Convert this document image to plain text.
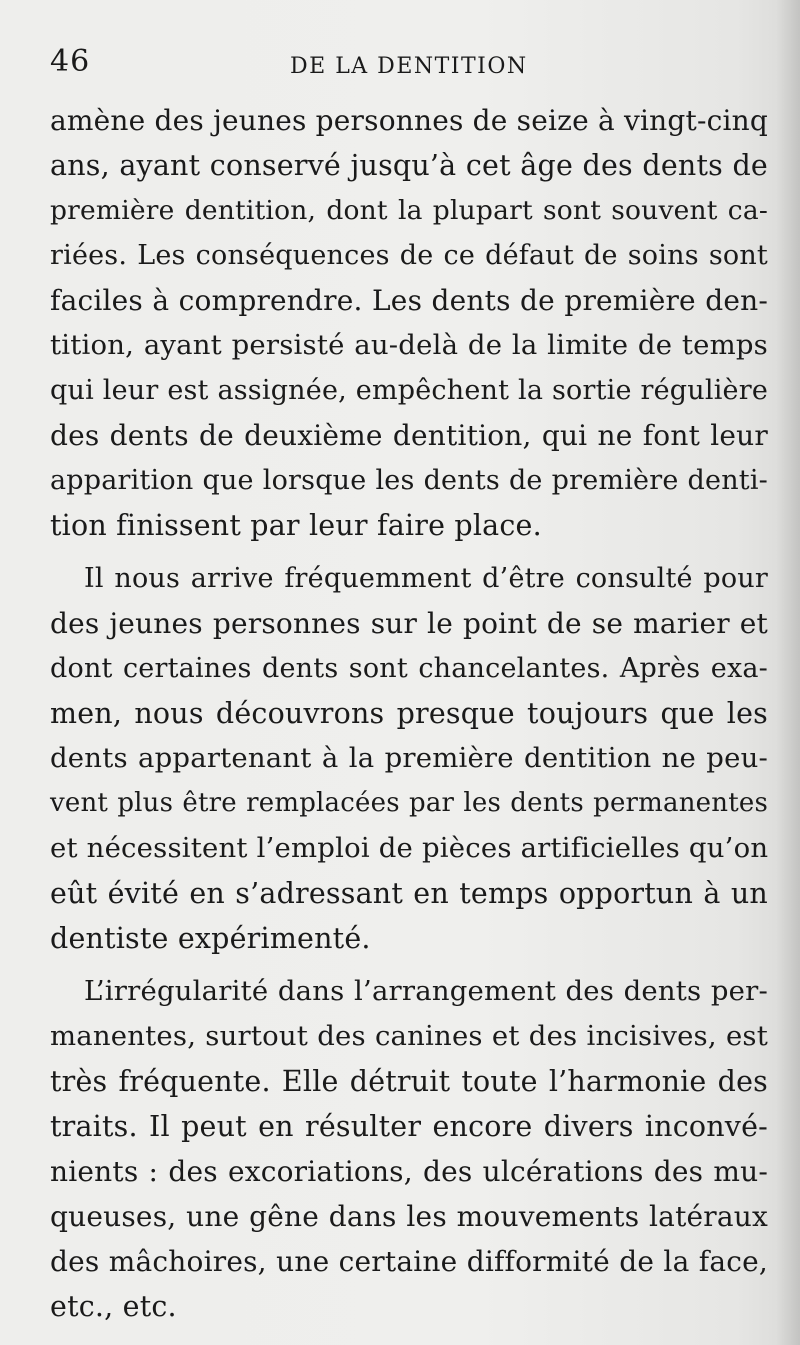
46	DE LA DENTITION
amène des jeunes personnes de seize à vingt-cinq
ans, ayant conservé jusqu’à cet âge des dents de
première dentition, dont la plupart sont souvent ca-
riées. Les conséquences de ce défaut de soins sont
faciles à comprendre. Les dents de première den-
tition, ayant persisté au-delà de la limite de temps
qui leur est assignée, empêchent la sortie régulière
des dents de deuxième dentition, qui ne font leur
apparition que lorsque les dents de première denti-
tion finissent par leur faire place.
Il nous arrive fréquemment d’être consulté pour
des jeunes personnes sur le point de se marier et
dont certaines dents sont chancelantes. Après exa-
men, nous découvrons presque toujours que les
dents appartenant à la première dentition ne peu-
vent plus être remplacées par les dents permanentes
et nécessitent l’emploi de pièces artificielles qu’on
eût évité en s’adressant en temps opportun à un
dentiste expérimenté.
L’irrégularité dans l’arrangement des dents per-
manentes, surtout des canines et des incisives, est
très fréquente. Elle détruit toute l’harmonie des
traits. Il peut en résulter encore divers inconvé-
nients : des excoriations, des ulcérations des mu-
queuses, une gêne dans les mouvements latéraux
des mâchoires, une certaine difformité de la face,
etc., etc.
